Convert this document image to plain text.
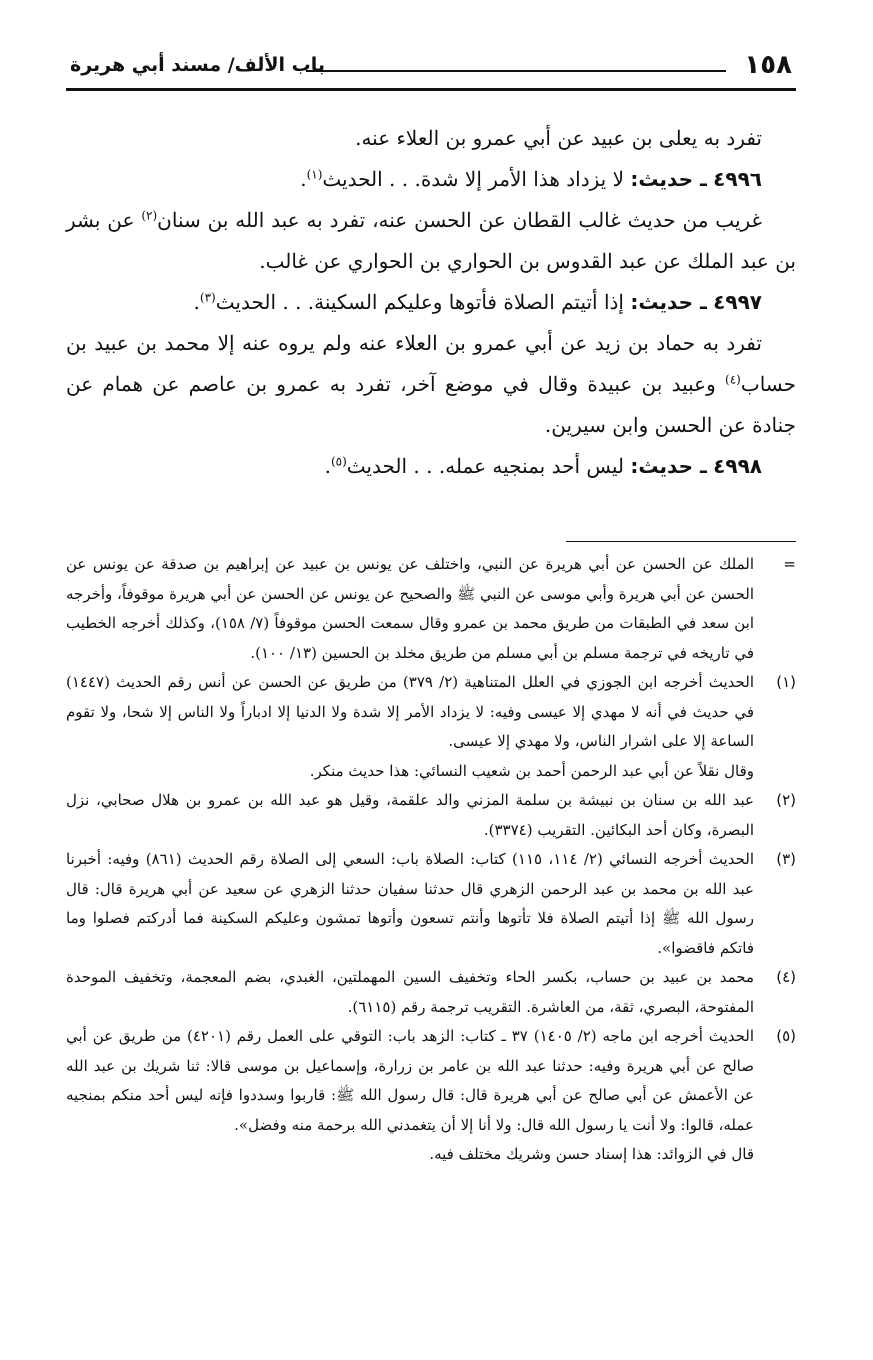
١٥٨
باب الألف/ مسند أبي هريرة

تفرد به يعلى بن عبيد عن أبي عمرو بن العلاء عنه.

٤٩٩٦ ـ حديث: لا يزداد هذا الأمر إلا شدة. . . الحديث$^{(١)}$.

غريب من حديث غالب القطان عن الحسن عنه، تفرد به عبد الله بن سنان$^{(٢)}$ عن بشر بن عبد الملك عن عبد القدوس بن الحواري بن الحواري عن غالب.

٤٩٩٧ ـ حديث: إذا أتيتم الصلاة فأتوها وعليكم السكينة. . . الحديث$^{(٣)}$.

تفرد به حماد بن زيد عن أبي عمرو بن العلاء عنه ولم يروه عنه إلا محمد بن عبيد بن حساب$^{(٤)}$ وعبيد بن عبيدة وقال في موضع آخر، تفرد به عمرو بن عاصم عن همام عن جنادة عن الحسن وابن سيرين.

٤٩٩٨ ـ حديث: ليس أحد بمنجيه عمله. . . الحديث$^{(٥)}$.

=

الملك عن الحسن عن أبي هريرة عن النبي، واختلف عن يونس بن عبيد عن إبراهيم بن صدقة عن يونس عن الحسن عن أبي هريرة وأبي موسى عن النبي ﷺ والصحيح عن يونس عن الحسن عن أبي هريرة موقوفاً، وأخرجه ابن سعد في الطبقات من طريق محمد بن عمرو وقال سمعت الحسن موقوفاً (٧/ ١٥٨)، وكذلك أخرجه الخطيب في تاريخه في ترجمة مسلم بن أبي مسلم من طريق مخلد بن الحسين (١٣/ ١٠٠).

(١)

الحديث أخرجه ابن الجوزي في العلل المتناهية (٢/ ٣٧٩) من طريق عن الحسن عن أنس رقم الحديث (١٤٤٧) في حديث في أنه لا مهدي إلا عيسى وفيه: لا يزداد الأمر إلا شدة ولا الدنيا إلا ادباراً ولا الناس إلا شحا، ولا تقوم الساعة إلا على اشرار الناس، ولا مهدي إلا عيسى.

وقال نقلاً عن أبي عبد الرحمن أحمد بن شعيب النسائي: هذا حديث منكر.

(٢)

عبد الله بن سنان بن نبيشة بن سلمة المزني والد علقمة، وقيل هو عبد الله بن عمرو بن هلال صحابي، نزل البصرة، وكان أحد البكائين. التقريب (٣٣٧٤).

(٣)

الحديث أخرجه النسائي (٢/ ١١٤، ١١٥) كتاب: الصلاة باب: السعي إلى الصلاة رقم الحديث (٨٦١) وفيه: أخبرنا عبد الله بن محمد بن عبد الرحمن الزهري قال حدثنا سفيان حدثنا الزهري عن سعيد عن أبي هريرة قال: قال رسول الله ﷺ إذا أتيتم الصلاة فلا تأتوها وأنتم تسعون وأتوها تمشون وعليكم السكينة فما أدركتم فصلوا وما فاتكم فاقضوا».

(٤)

محمد بن عبيد بن حساب، بكسر الحاء وتخفيف السين المهملتين، الغبدي، بضم المعجمة، وتخفيف الموحدة المفتوحة، البصري، ثقة، من العاشرة. التقريب ترجمة رقم (٦١١٥).

(٥)

الحديث أخرجه ابن ماجه (٢/ ١٤٠٥) ٣٧ ـ كتاب: الزهد باب: التوقي على العمل رقم (٤٢٠١) من طريق عن أبي صالح عن أبي هريرة وفيه: حدثنا عبد الله بن عامر بن زرارة، وإسماعيل بن موسى قالا: ثنا شريك بن عبد الله عن الأعمش عن أبي صالح عن أبي هريرة قال: قال رسول الله ﷺ: قاربوا وسددوا فإنه ليس أحد منكم بمنجيه عمله، قالوا: ولا أنت يا رسول الله قال: ولا أنا إلا أن يتغمدني الله برحمة منه وفضل».

قال في الزوائد: هذا إسناد حسن وشريك مختلف فيه.
